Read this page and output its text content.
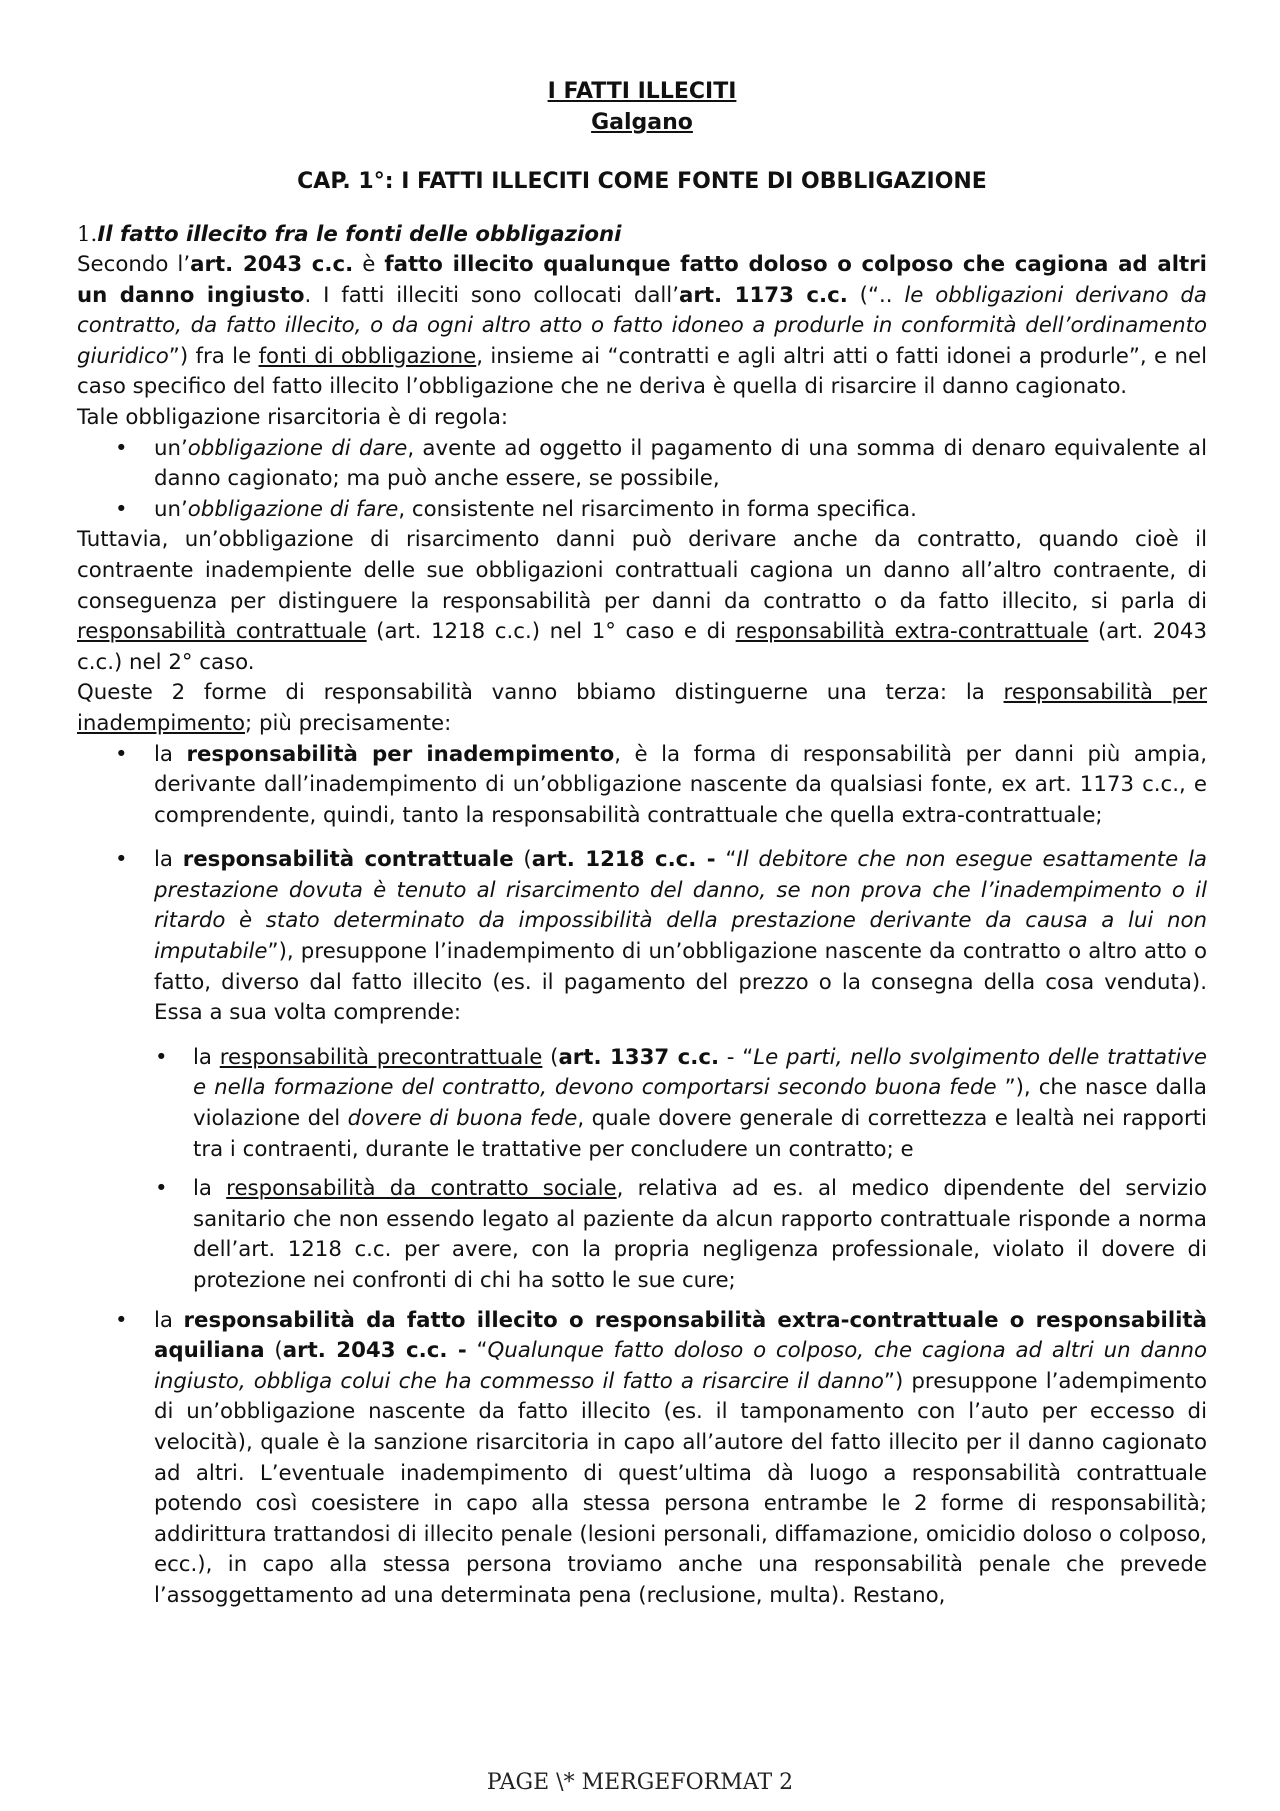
I FATTI ILLECITI
Galgano
CAP. 1°: I FATTI ILLECITI COME FONTE DI OBBLIGAZIONE
1.Il fatto illecito fra le fonti delle obbligazioni

Secondo l’art. 2043 c.c. è fatto illecito qualunque fatto doloso o colposo che cagiona ad altri un danno ingiusto. I fatti illeciti sono collocati dall’art. 1173 c.c. (“.. le obbligazioni derivano da contratto, da fatto illecito, o da ogni altro atto o fatto idoneo a produrle in conformità dell’ordinamento giuridico”) fra le fonti di obbligazione, insieme ai “contratti e agli altri atti o fatti idonei a produrle”, e nel caso specifico del fatto illecito l’obbligazione che ne deriva è quella di risarcire il danno cagionato.

Tale obbligazione risarcitoria è di regola:

• un’obbligazione di dare, avente ad oggetto il pagamento di una somma di denaro equivalente al danno cagionato; ma può anche essere, se possibile,
• un’obbligazione di fare, consistente nel risarcimento in forma specifica.

Tuttavia, un’obbligazione di risarcimento danni può derivare anche da contratto, quando cioè il contraente inadempiente delle sue obbligazioni contrattuali cagiona un danno all’altro contraente, di conseguenza per distinguere la responsabilità per danni da contratto o da fatto illecito, si parla di responsabilità contrattuale (art. 1218 c.c.) nel 1° caso e di responsabilità extra-contrattuale (art. 2043 c.c.) nel 2° caso.

Queste 2 forme di responsabilità vanno bbiamo distinguerne una terza: la responsabilità per inadempimento; più precisamente:

• la responsabilità per inadempimento, è la forma di responsabilità per danni più ampia, derivante dall’inadempimento di un’obbligazione nascente da qualsiasi fonte, ex art. 1173 c.c., e comprendente, quindi, tanto la responsabilità contrattuale che quella extra-contrattuale;
• la responsabilità contrattuale (art. 1218 c.c. - “Il debitore che non esegue esattamente la prestazione dovuta è tenuto al risarcimento del danno, se non prova che l’inadempimento o il ritardo è stato determinato da impossibilità della prestazione derivante da causa a lui non imputabile”), presuppone l’inadempimento di un’obbligazione nascente da contratto o altro atto o fatto, diverso dal fatto illecito (es. il pagamento del prezzo o la consegna della cosa venduta). Essa a sua volta comprende:
• la responsabilità precontrattuale (art. 1337 c.c. - “Le parti, nello svolgimento delle trattative e nella formazione del contratto, devono comportarsi secondo buona fede ”), che nasce dalla violazione del dovere di buona fede, quale dovere generale di correttezza e lealtà nei rapporti tra i contraenti, durante le trattative per concludere un contratto; e
• la responsabilità da contratto sociale, relativa ad es. al medico dipendente del servizio sanitario che non essendo legato al paziente da alcun rapporto contrattuale risponde a norma dell’art. 1218 c.c. per avere, con la propria negligenza professionale, violato il dovere di protezione nei confronti di chi ha sotto le sue cure;
• la responsabilità da fatto illecito o responsabilità extra-contrattuale o responsabilità aquiliana (art. 2043 c.c. - “Qualunque fatto doloso o colposo, che cagiona ad altri un danno ingiusto, obbliga colui che ha commesso il fatto a risarcire il danno”) presuppone l’adempimento di un’obbligazione nascente da fatto illecito (es. il tamponamento con l’auto per eccesso di velocità), quale è la sanzione risarcitoria in capo all’autore del fatto illecito per il danno cagionato ad altri. L’eventuale inadempimento di quest’ultima dà luogo a responsabilità contrattuale potendo così coesistere in capo alla stessa persona entrambe le 2 forme di responsabilità; addirittura trattandosi di illecito penale (lesioni personali, diffamazione, omicidio doloso o colposo, ecc.), in capo alla stessa persona troviamo anche una responsabilità penale che prevede l’assoggettamento ad una determinata pena (reclusione, multa). Restano,
PAGE \* MERGEFORMAT 2
